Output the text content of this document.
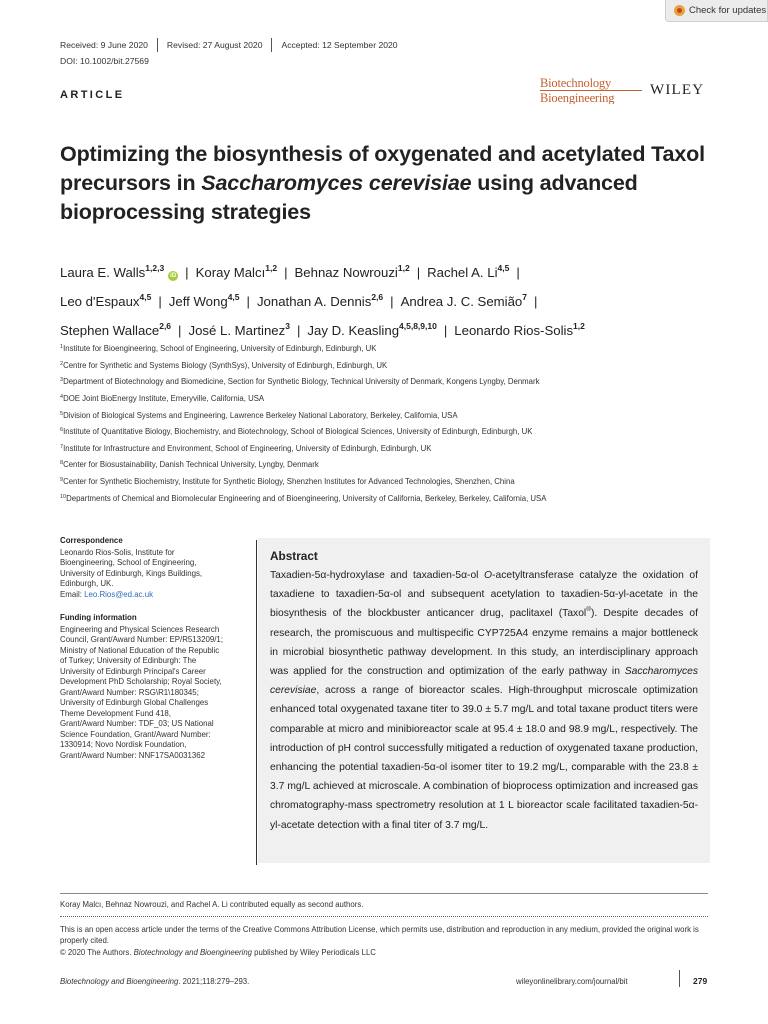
Check for updates
Received: 9 June 2020 Revised: 27 August 2020 Accepted: 12 September 2020
DOI: 10.1002/bit.27569
ARTICLE
Biotechnology
Bioengineering	WILEY
Optimizing the biosynthesis of oxygenated and acetylated Taxol precursors in Saccharomyces cerevisiae using advanced bioprocessing strategies
Laura E. Walls$^{1,2,3}$iD | Koray Malcı$^{1,2}$ | Behnaz Nowrouzi$^{1,2}$ | Rachel A. Li$^{4,5}$ |
Leo d'Espaux$^{4,5}$ | Jeff Wong$^{4,5}$ | Jonathan A. Dennis$^{2,6}$ | Andrea J. C. Semião$^7$ |
Stephen Wallace$^{2,6}$ | José L. Martinez$^3$ | Jay D. Keasling$^{4,5,8,9,10}$ | Leonardo Rios-Solis$^{1,2}$
$^1$Institute for Bioengineering, School of Engineering, University of Edinburgh, Edinburgh, UK
$^2$Centre for Synthetic and Systems Biology (SynthSys), University of Edinburgh, Edinburgh, UK
$^3$Department of Biotechnology and Biomedicine, Section for Synthetic Biology, Technical University of Denmark, Kongens Lyngby, Denmark
$^4$DOE Joint BioEnergy Institute, Emeryville, California, USA
$^5$Division of Biological Systems and Engineering, Lawrence Berkeley National Laboratory, Berkeley, California, USA
$^6$Institute of Quantitative Biology, Biochemistry, and Biotechnology, School of Biological Sciences, University of Edinburgh, Edinburgh, UK
$^7$Institute for Infrastructure and Environment, School of Engineering, University of Edinburgh, Edinburgh, UK
$^8$Center for Biosustainability, Danish Technical University, Lyngby, Denmark
$^9$Center for Synthetic Biochemistry, Institute for Synthetic Biology, Shenzhen Institutes for Advanced Technologies, Shenzhen, China
$^{10}$Departments of Chemical and Biomolecular Engineering and of Bioengineering, University of California, Berkeley, Berkeley, California, USA
Correspondence
Leonardo Rios-Solis, Institute for
Bioengineering, School of Engineering,
University of Edinburgh, Kings Buildings,
Edinburgh, UK.
Email: Leo.Rios@ed.ac.uk
Funding information
Engineering and Physical Sciences Research
Council, Grant/Award Number: EP/R513209/1;
Ministry of National Education of the Republic
of Turkey; University of Edinburgh: The
University of Edinburgh Principal's Career
Development PhD Scholarship; Royal Society,
Grant/Award Number: RSG\R1\180345;
University of Edinburgh Global Challenges
Theme Development Fund 418,
Grant/Award Number: TDF_03; US National
Science Foundation, Grant/Award Number:
1330914; Novo Nordisk Foundation,
Grant/Award Number: NNF17SA0031362
Abstract
Taxadien-5α-hydroxylase and taxadien-5α-ol O-acetyltransferase catalyze the oxidation of taxadiene to taxadien-5α-ol and subsequent acetylation to taxadien-5α-yl-acetate in the biosynthesis of the blockbuster anticancer drug, paclitaxel (Taxol®). Despite decades of research, the promiscuous and multispecific CYP725A4 enzyme remains a major bottleneck in microbial biosynthetic pathway development. In this study, an interdisciplinary approach was applied for the construction and optimization of the early pathway in Saccharomyces cerevisiae, across a range of bioreactor scales. High-throughput microscale optimization enhanced total oxygenated taxane titer to 39.0 ± 5.7 mg/L and total taxane product titers were comparable at micro and minibioreactor scale at 95.4 ± 18.0 and 98.9 mg/L, respectively. The introduction of pH control successfully mitigated a reduction of oxygenated taxane production, enhancing the potential taxadien-5α-ol isomer titer to 19.2 mg/L, comparable with the 23.8 ± 3.7 mg/L achieved at microscale. A combination of bioprocess optimization and increased gas chromatography-mass spectrometry resolution at 1 L bioreactor scale facilitated taxadien-5α-yl-acetate detection with a final titer of 3.7 mg/L.
Koray Malcı, Behnaz Nowrouzi, and Rachel A. Li contributed equally as second authors.
This is an open access article under the terms of the Creative Commons Attribution License, which permits use, distribution and reproduction in any medium, provided the original work is properly cited.
© 2020 The Authors. Biotechnology and Bioengineering published by Wiley Periodicals LLC
Biotechnology and Bioengineering. 2021;118:279–293.	wileyonlinelibrary.com/journal/bit	279
